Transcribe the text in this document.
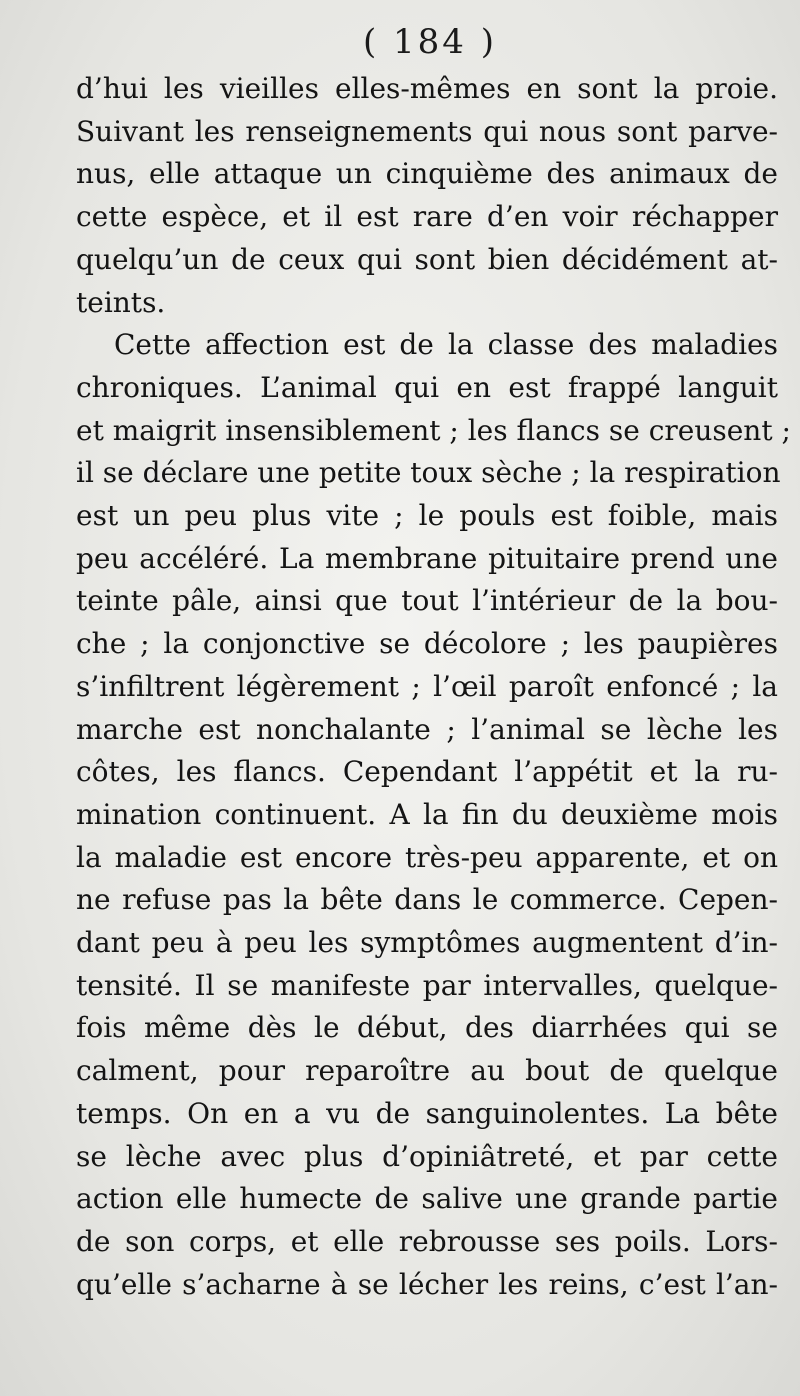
( 184 )
d’hui les vieilles elles-mêmes en sont la proie.
Suivant les renseignements qui nous sont parve-
nus, elle attaque un cinquième des animaux de
cette espèce, et il est rare d’en voir réchapper
quelqu’un de ceux qui sont bien décidément at-
teints.
Cette affection est de la classe des maladies
chroniques. L’animal qui en est frappé languit
et maigrit insensiblement ; les flancs se creusent ;
il se déclare une petite toux sèche ; la respiration
est un peu plus vite ; le pouls est foible, mais
peu accéléré. La membrane pituitaire prend une
teinte pâle, ainsi que tout l’intérieur de la bou-
che ; la conjonctive se décolore ; les paupières
s’infiltrent légèrement ; l’œil paroît enfoncé ; la
marche est nonchalante ; l’animal se lèche les
côtes, les flancs. Cependant l’appétit et la ru-
mination continuent. A la fin du deuxième mois
la maladie est encore très-peu apparente, et on
ne refuse pas la bête dans le commerce. Cepen-
dant peu à peu les symptômes augmentent d’in-
tensité. Il se manifeste par intervalles, quelque-
fois même dès le début, des diarrhées qui se
calment, pour reparoître au bout de quelque
temps. On en a vu de sanguinolentes. La bête
se lèche avec plus d’opiniâtreté, et par cette
action elle humecte de salive une grande partie
de son corps, et elle rebrousse ses poils. Lors-
qu’elle s’acharne à se lécher les reins, c’est l’an-
